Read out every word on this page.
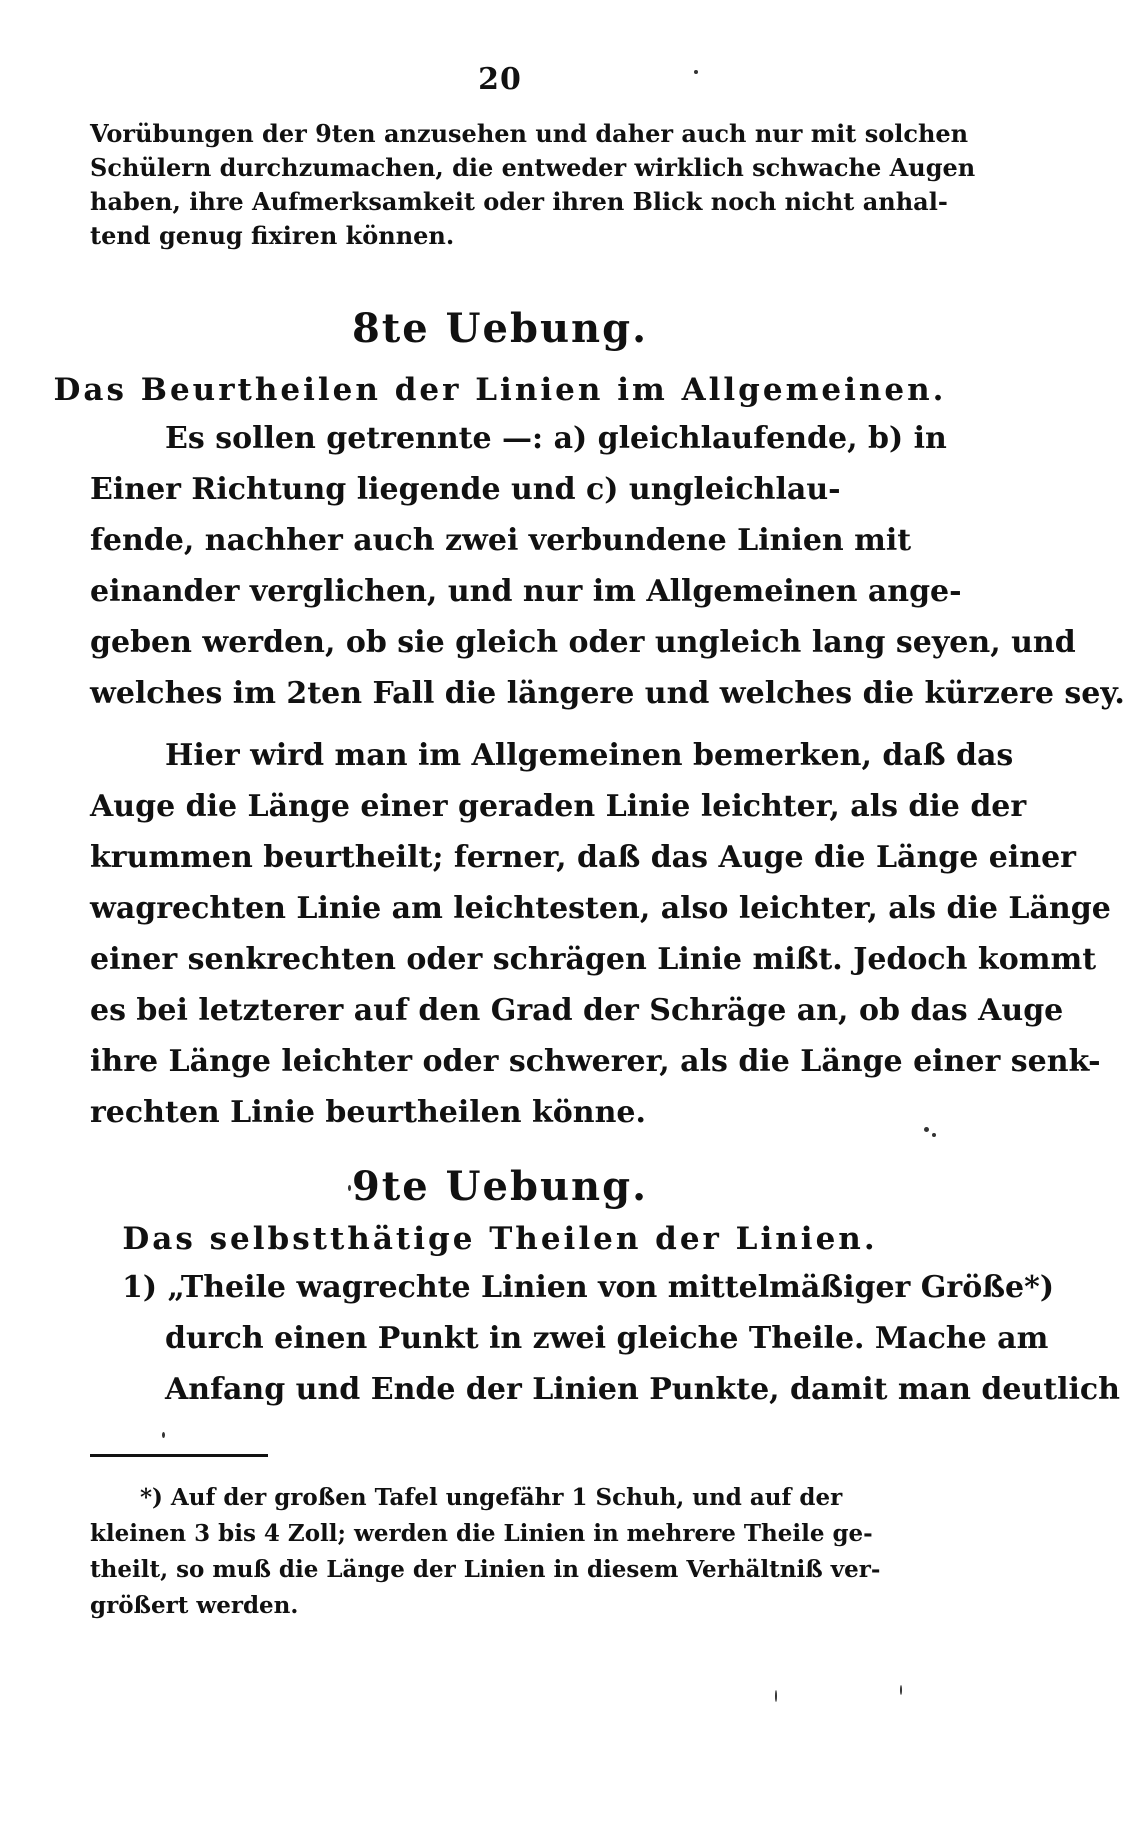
20
Vorübungen der 9ten anzusehen und daher auch nur mit solchen
Schülern durchzumachen, die entweder wirklich schwache Augen
haben, ihre Aufmerksamkeit oder ihren Blick noch nicht anhal-
tend genug fixiren können.
8te Uebung.
Das Beurtheilen der Linien im Allgemeinen.
Es sollen getrennte —: a) gleichlaufende, b) in
Einer Richtung liegende und c) ungleichlau-
fende, nachher auch zwei verbundene Linien mit
einander verglichen, und nur im Allgemeinen ange-
geben werden, ob sie gleich oder ungleich lang seyen, und
welches im 2ten Fall die längere und welches die kürzere sey.
Hier wird man im Allgemeinen bemerken, daß das
Auge die Länge einer geraden Linie leichter, als die der
krummen beurtheilt; ferner, daß das Auge die Länge einer
wagrechten Linie am leichtesten, also leichter, als die Länge
einer senkrechten oder schrägen Linie mißt. Jedoch kommt
es bei letzterer auf den Grad der Schräge an, ob das Auge
ihre Länge leichter oder schwerer, als die Länge einer senk-
rechten Linie beurtheilen könne.
9te Uebung.
Das selbstthätige Theilen der Linien.
1) „Theile wagrechte Linien von mittelmäßiger Größe*)
durch einen Punkt in zwei gleiche Theile. Mache am
Anfang und Ende der Linien Punkte, damit man deutlich
*) Auf der großen Tafel ungefähr 1 Schuh, und auf der
kleinen 3 bis 4 Zoll; werden die Linien in mehrere Theile ge-
theilt, so muß die Länge der Linien in diesem Verhältniß ver-
größert werden.
